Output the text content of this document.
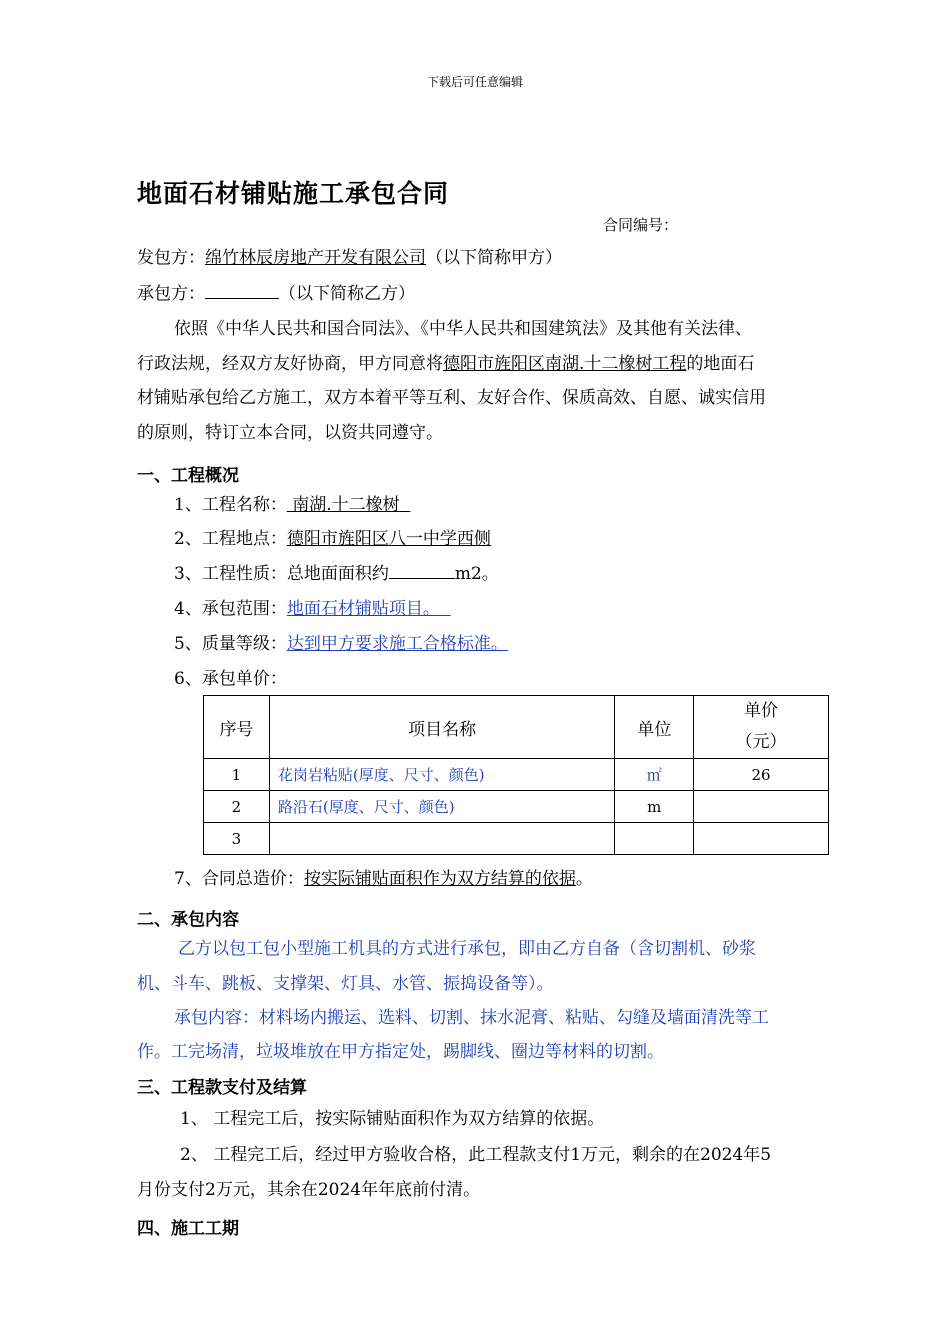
下载后可任意编辑
地面石材铺贴施工承包合同
合同编号：
发包方：绵竹林辰房地产开发有限公司（以下简称甲方）
承包方：	（以下简称乙方）
依照《中华人民共和国合同法》、《中华人民共和国建筑法》及其他有关法律、
行政法规，经双方友好协商，甲方同意将德阳市旌阳区南湖.十二橡树工程的地面石
材铺贴承包给乙方施工，双方本着平等互利、友好合作、保质高效、自愿、诚实信用
的原则，特订立本合同，以资共同遵守。
一、工程概况
1、工程名称： 南湖.十二橡树
2、工程地点：德阳市旌阳区八一中学西侧
3、工程性质：总地面面积约	m2。
4、承包范围：地面石材铺贴项目。
5、质量等级：达到甲方要求施工合格标准。
6、承包单价：
序号	项目名称	单位	单价
（元）

1	花岗岩粘贴(厚度、尺寸、颜色)	㎡	26
2	路沿石(厚度、尺寸、颜色)	m	
3			
7、合同总造价：按实际铺贴面积作为双方结算的依据。
二、承包内容
乙方以包工包小型施工机具的方式进行承包，即由乙方自备（含切割机、砂浆
机、斗车、跳板、支撑架、灯具、水管、振捣设备等）。
承包内容：材料场内搬运、选料、切割、抹水泥膏、粘贴、勾缝及墙面清洗等工
作。工完场清，垃圾堆放在甲方指定处，踢脚线、圈边等材料的切割。
三、工程款支付及结算
1、 工程完工后，按实际铺贴面积作为双方结算的依据。
2、 工程完工后，经过甲方验收合格，此工程款支付1万元，剩余的在2024年5
月份支付2万元，其余在2024年年底前付清。
四、施工工期
